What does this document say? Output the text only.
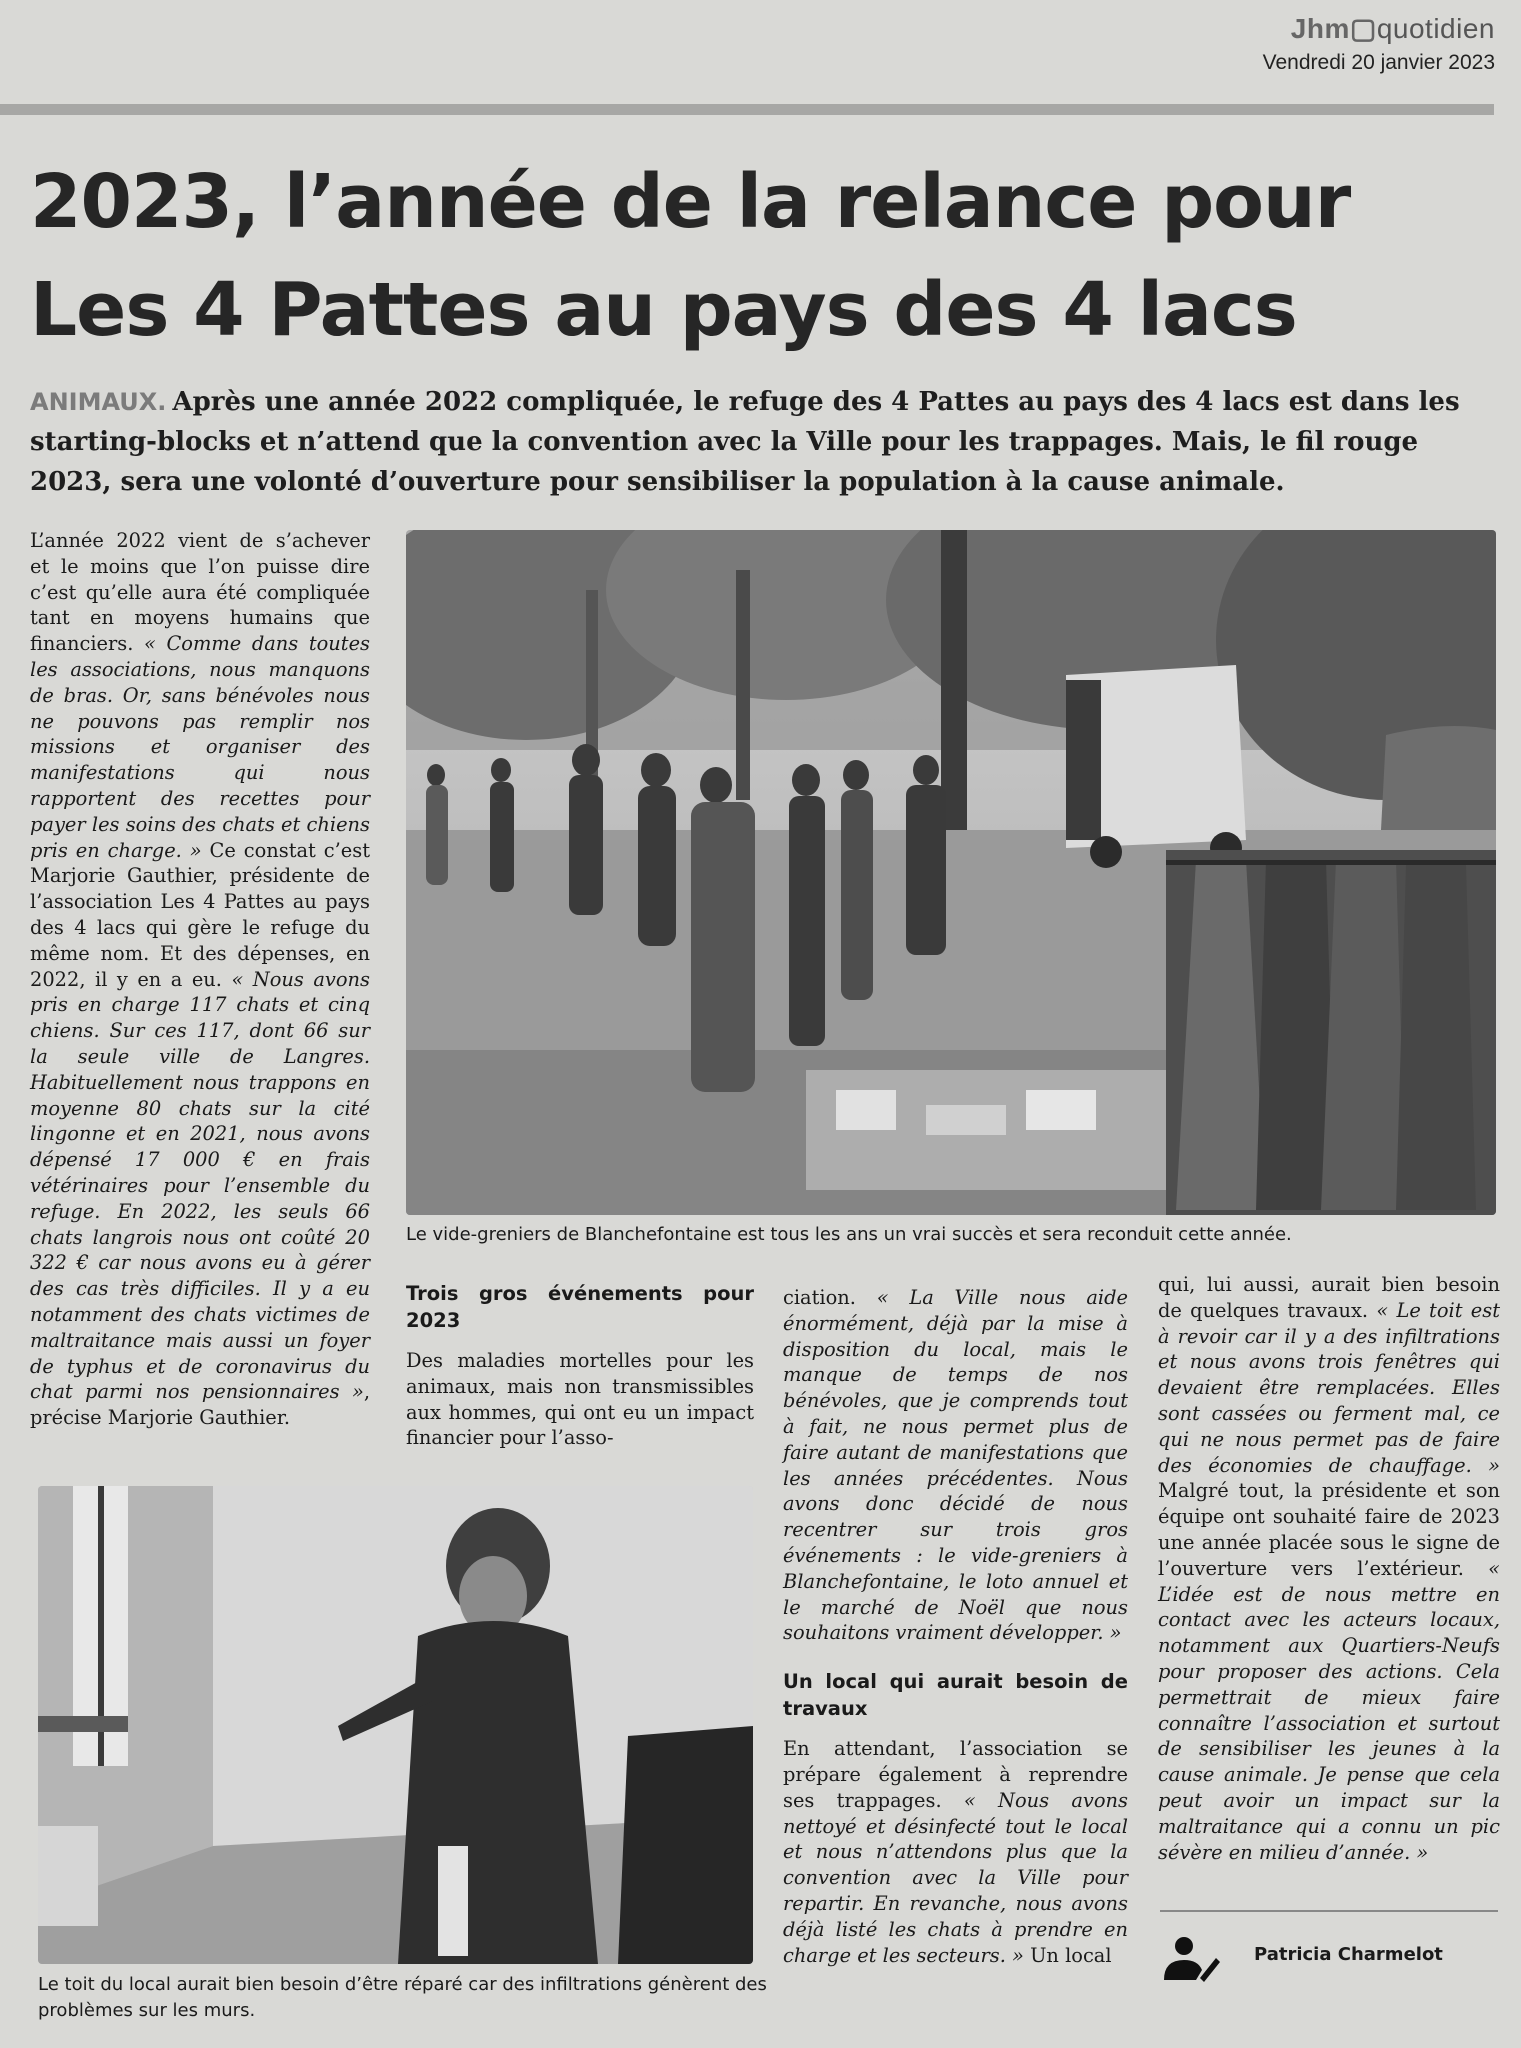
Jhm▢quotidien
Vendredi 20 janvier 2023
2023, l’année de la relance pour
Les 4 Pattes au pays des 4 lacs
ANIMAUX. Après une année 2022 compliquée, le refuge des 4 Pattes au pays des 4 lacs est dans les starting-blocks et n’attend que la convention avec la Ville pour les trappages. Mais, le fil rouge 2023, sera une volonté d’ouverture pour sensibiliser la population à la cause animale.
L’année 2022 vient de s’achever et le moins que l’on puisse dire c’est qu’elle aura été compliquée tant en moyens humains que financiers. « Comme dans toutes les associations, nous manquons de bras. Or, sans bénévoles nous ne pouvons pas remplir nos missions et organiser des manifestations qui nous rapportent des recettes pour payer les soins des chats et chiens pris en charge. » Ce constat c’est Marjorie Gauthier, présidente de l’association Les 4 Pattes au pays des 4 lacs qui gère le refuge du même nom. Et des dépenses, en 2022, il y en a eu. « Nous avons pris en charge 117 chats et cinq chiens. Sur ces 117, dont 66 sur la seule ville de Langres. Habituellement nous trappons en moyenne 80 chats sur la cité lingonne et en 2021, nous avons dépensé 17 000 € en frais vétérinaires pour l’ensemble du refuge. En 2022, les seuls 66 chats langrois nous ont coûté 20 322 € car nous avons eu à gérer des cas très difficiles. Il y a eu notamment des chats victimes de maltraitance mais aussi un foyer de typhus et de coronavirus du chat parmi nos pensionnaires », précise Marjorie Gauthier.
Le vide-greniers de Blanchefontaine est tous les ans un vrai succès et sera reconduit cette année.
Trois gros événements pour 2023
Des maladies mortelles pour les animaux, mais non transmissibles aux hommes, qui ont eu un impact financier pour l’asso-
Le toit du local aurait bien besoin d’être réparé car des infiltrations génèrent des problèmes sur les murs.
ciation. « La Ville nous aide énormément, déjà par la mise à disposition du local, mais le manque de temps de nos bénévoles, que je comprends tout à fait, ne nous permet plus de faire autant de manifestations que les années précédentes. Nous avons donc décidé de nous recentrer sur trois gros événements : le vide-greniers à Blanchefontaine, le loto annuel et le marché de Noël que nous souhaitons vraiment développer. »
Un local qui aurait besoin de travaux
En attendant, l’association se prépare également à reprendre ses trappages. « Nous avons nettoyé et désinfecté tout le local et nous n’attendons plus que la convention avec la Ville pour repartir. En revanche, nous avons déjà listé les chats à prendre en charge et les secteurs. » Un local
qui, lui aussi, aurait bien besoin de quelques travaux. « Le toit est à revoir car il y a des infiltrations et nous avons trois fenêtres qui devaient être remplacées. Elles sont cassées ou ferment mal, ce qui ne nous permet pas de faire des économies de chauffage. » Malgré tout, la présidente et son équipe ont souhaité faire de 2023 une année placée sous le signe de l’ouverture vers l’extérieur. « L’idée est de nous mettre en contact avec les acteurs locaux, notamment aux Quartiers-Neufs pour proposer des actions. Cela permettrait de mieux faire connaître l’association et surtout de sensibiliser les jeunes à la cause animale. Je pense que cela peut avoir un impact sur la maltraitance qui a connu un pic sévère en milieu d’année. »
Patricia Charmelot
